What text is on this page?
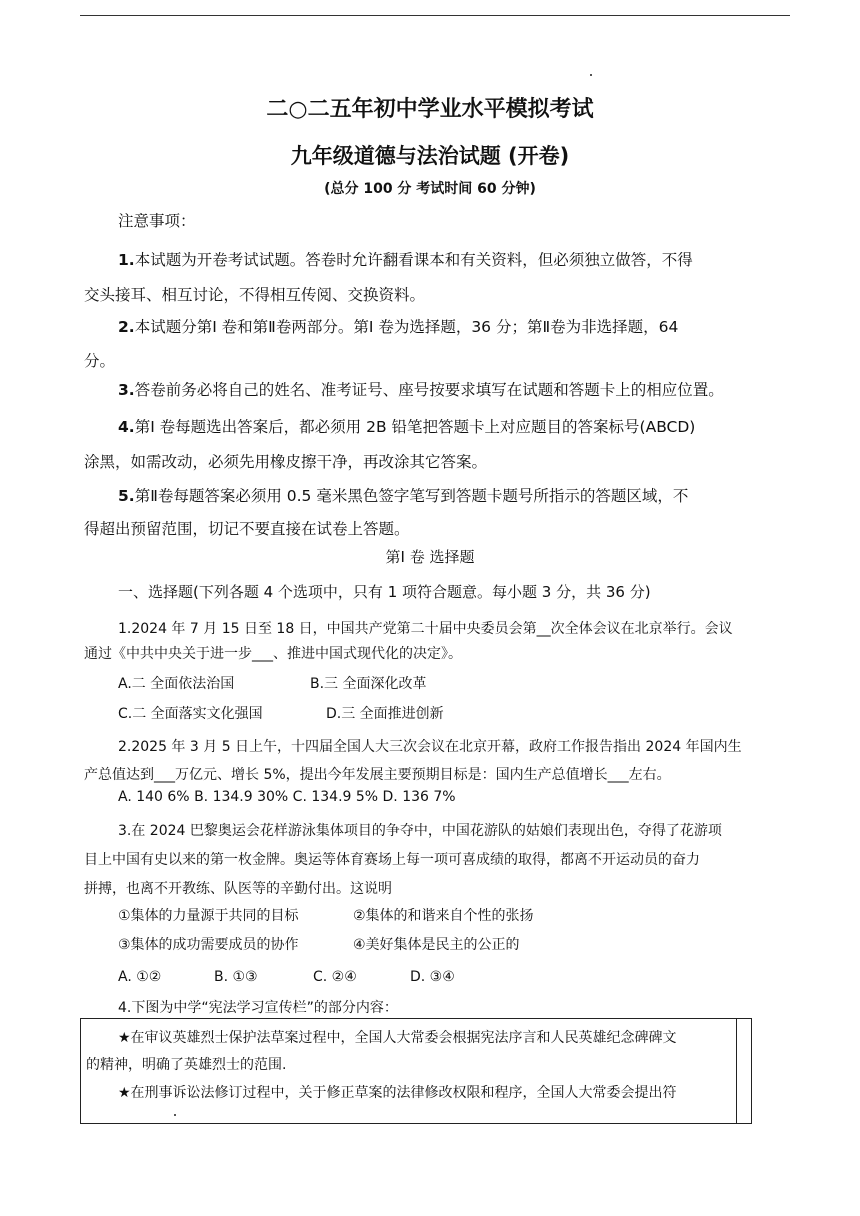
二○二五年初中学业水平模拟考试
九年级道德与法治试题 (开卷)
(总分 100 分 考试时间 60 分钟)
注意事项：
1.本试题为开卷考试试题。答卷时允许翻看课本和有关资料，但必须独立做答，不得
交头接耳、相互讨论，不得相互传阅、交换资料。
2.本试题分第Ⅰ 卷和第Ⅱ卷两部分。第Ⅰ 卷为选择题，36 分；第Ⅱ卷为非选择题，64
分。
3.答卷前务必将自己的姓名、准考证号、座号按要求填写在试题和答题卡上的相应位置。
4.第Ⅰ 卷每题选出答案后，都必须用 2B 铅笔把答题卡上对应题目的答案标号(ABCD)
涂黑，如需改动，必须先用橡皮擦干净，再改涂其它答案。
5.第Ⅱ卷每题答案必须用 0.5 毫米黑色签字笔写到答题卡题号所指示的答题区域，不
得超出预留范围，切记不要直接在试卷上答题。
第Ⅰ 卷 选择题
一、选择题(下列各题 4 个选项中，只有 1 项符合题意。每小题 3 分，共 36 分)
1.2024 年 7 月 15 日至 18 日，中国共产党第二十届中央委员会第__次全体会议在北京举行。会议
通过《中共中央关于进一步___、推进中国式现代化的决定》。
A.二 全面依法治国	B.三 全面深化改革
C.二 全面落实文化强国	D.三 全面推进创新
2.2025 年 3 月 5 日上午，十四届全国人大三次会议在北京开幕，政府工作报告指出 2024 年国内生
产总值达到___万亿元、增长 5%，提出今年发展主要预期目标是：国内生产总值增长___左右。
A. 140 6% B. 134.9 30% C. 134.9 5% D. 136 7%
3.在 2024 巴黎奥运会花样游泳集体项目的争夺中，中国花游队的姑娘们表现出色，夺得了花游项
目上中国有史以来的第一枚金牌。奥运等体育赛场上每一项可喜成绩的取得，都离不开运动员的奋力
拼搏，也离不开教练、队医等的辛勤付出。这说明
①集体的力量源于共同的目标	②集体的和谐来自个性的张扬
③集体的成功需要成员的协作	④美好集体是民主的公正的
A. ①②	B. ①③	C. ②④	D. ③④
4.下图为中学“宪法学习宣传栏”的部分内容：
★在审议英雄烈士保护法草案过程中，全国人大常委会根据宪法序言和人民英雄纪念碑碑文
的精神，明确了英雄烈士的范围.
★在刑事诉讼法修订过程中，关于修正草案的法律修改权限和程序，全国人大常委会提出符
